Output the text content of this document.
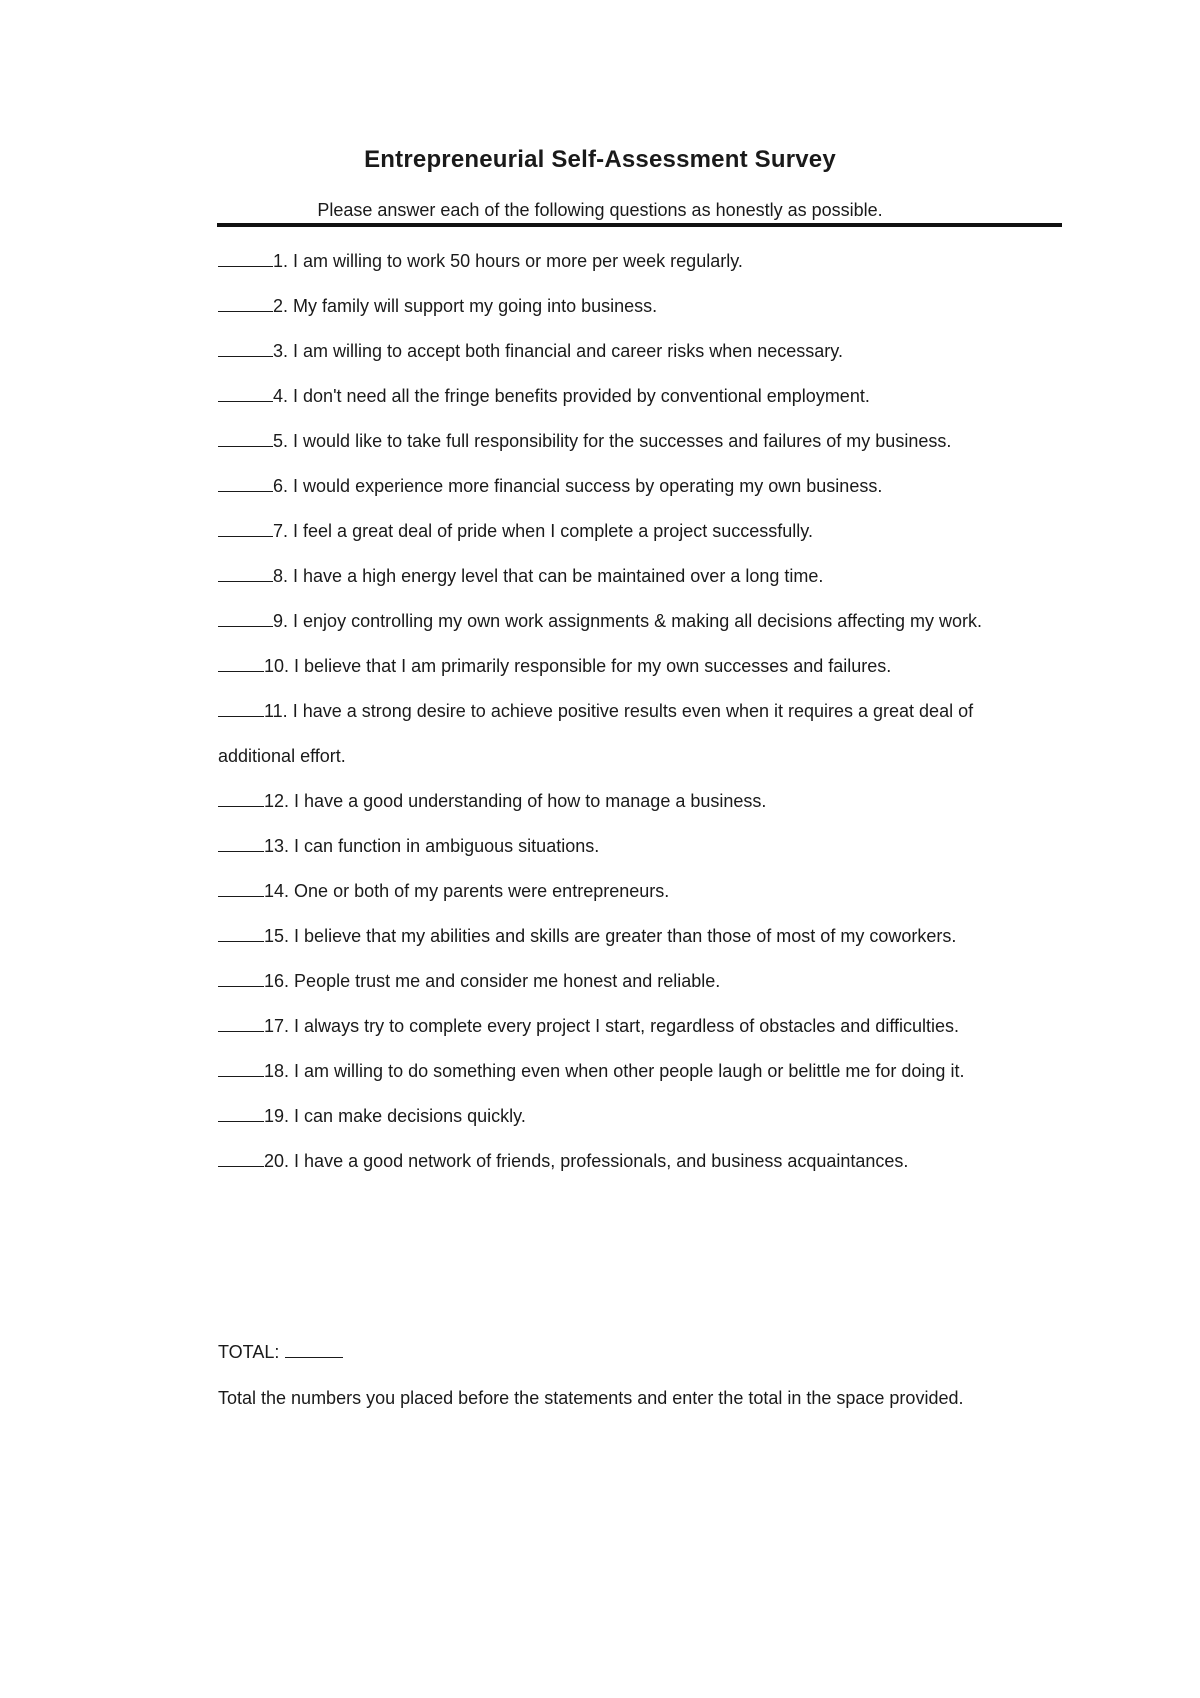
Entrepreneurial Self-Assessment Survey
Please answer each of the following questions as honestly as possible.
1. I am willing to work 50 hours or more per week regularly.
2. My family will support my going into business.
3. I am willing to accept both financial and career risks when necessary.
4. I don't need all the fringe benefits provided by conventional employment.
5. I would like to take full responsibility for the successes and failures of my business.
6. I would experience more financial success by operating my own business.
7. I feel a great deal of pride when I complete a project successfully.
8. I have a high energy level that can be maintained over a long time.
9. I enjoy controlling my own work assignments & making all decisions affecting my work.
10. I believe that I am primarily responsible for my own successes and failures.
11. I have a strong desire to achieve positive results even when it requires a great deal of
additional effort.
12. I have a good understanding of how to manage a business.
13. I can function in ambiguous situations.
14. One or both of my parents were entrepreneurs.
15. I believe that my abilities and skills are greater than those of most of my coworkers.
16. People trust me and consider me honest and reliable.
17. I always try to complete every project I start, regardless of obstacles and difficulties.
18. I am willing to do something even when other people laugh or belittle me for doing it.
19. I can make decisions quickly.
20. I have a good network of friends, professionals, and business acquaintances.
TOTAL:
Total the numbers you placed before the statements and enter the total in the space provided.
